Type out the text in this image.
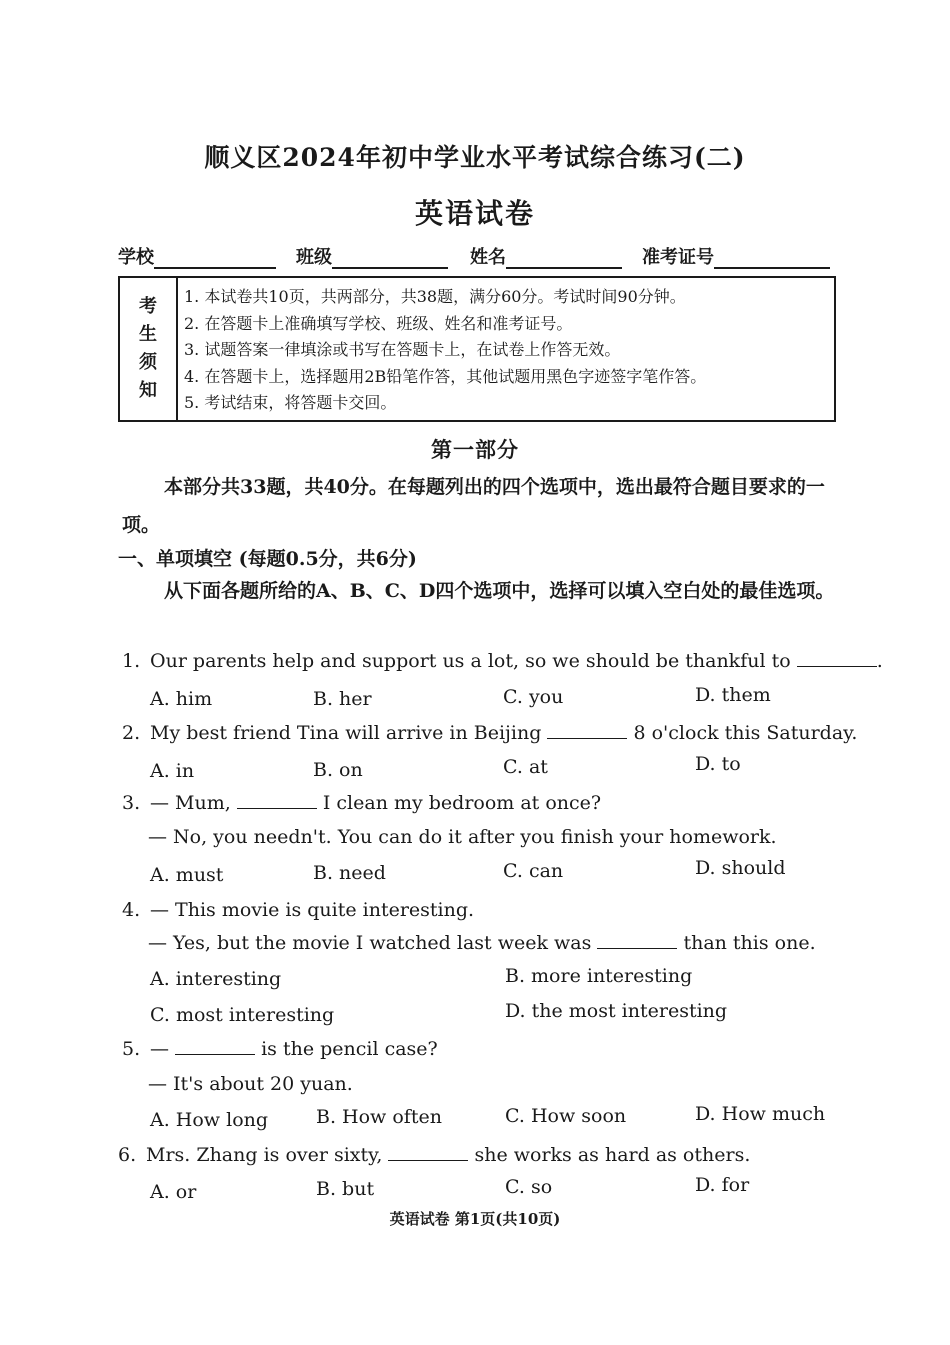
顺义区2024年初中学业水平考试综合练习(二)
英语试卷
学校	班级	姓名	准考证号
考
生
须
知
1. 本试卷共10页，共两部分，共38题，满分60分。考试时间90分钟。
2. 在答题卡上准确填写学校、班级、姓名和准考证号。
3. 试题答案一律填涂或书写在答题卡上，在试卷上作答无效。
4. 在答题卡上，选择题用2B铅笔作答，其他试题用黑色字迹签字笔作答。
5. 考试结束，将答题卡交回。
第一部分
本部分共33题，共40分。在每题列出的四个选项中，选出最符合题目要求的一项。
一、单项填空 (每题0.5分，共6分)
从下面各题所给的A、B、C、D四个选项中，选择可以填入空白处的最佳选项。
1. Our parents help and support us a lot, so we should be thankful to	.
A. him	B. her	C. you	D. them
2. My best friend Tina will arrive in Beijing	8 o'clock this Saturday.
A. in	B. on	C. at	D. to
3. — Mum,	I clean my bedroom at once?
— No, you needn't. You can do it after you finish your homework.
A. must	B. need	C. can	D. should
4. — This movie is quite interesting.
— Yes, but the movie I watched last week was	than this one.
A. interesting	B. more interesting
C. most interesting	D. the most interesting
5. —	is the pencil case?
— It's about 20 yuan.
A. How long	B. How often	C. How soon	D. How much
6. Mrs. Zhang is over sixty,	she works as hard as others.
A. or	B. but	C. so	D. for
英语试卷 第1页(共10页)
